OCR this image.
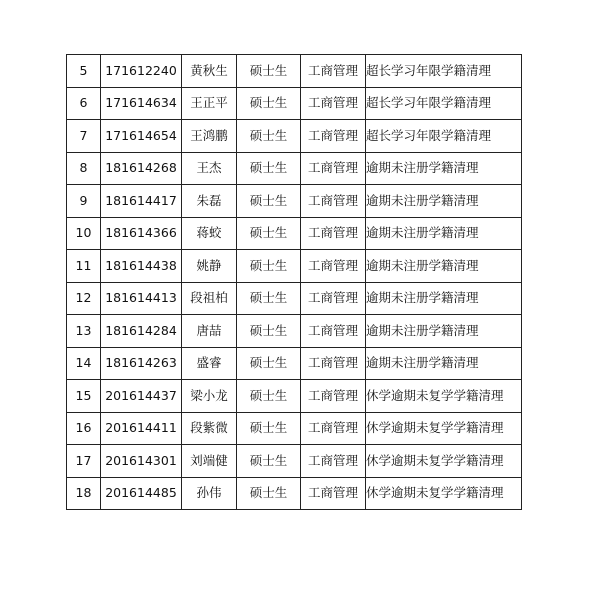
5	171612240	黄秋生	硕士生	工商管理	超长学习年限学籍清理
6	171614634	王正平	硕士生	工商管理	超长学习年限学籍清理
7	171614654	王鸿鹏	硕士生	工商管理	超长学习年限学籍清理
8	181614268	王杰	硕士生	工商管理	逾期未注册学籍清理
9	181614417	朱磊	硕士生	工商管理	逾期未注册学籍清理
10	181614366	蒋蛟	硕士生	工商管理	逾期未注册学籍清理
11	181614438	姚静	硕士生	工商管理	逾期未注册学籍清理
12	181614413	段祖柏	硕士生	工商管理	逾期未注册学籍清理
13	181614284	唐喆	硕士生	工商管理	逾期未注册学籍清理
14	181614263	盛睿	硕士生	工商管理	逾期未注册学籍清理
15	201614437	梁小龙	硕士生	工商管理	休学逾期未复学学籍清理
16	201614411	段紫微	硕士生	工商管理	休学逾期未复学学籍清理
17	201614301	刘端健	硕士生	工商管理	休学逾期未复学学籍清理
18	201614485	孙伟	硕士生	工商管理	休学逾期未复学学籍清理
